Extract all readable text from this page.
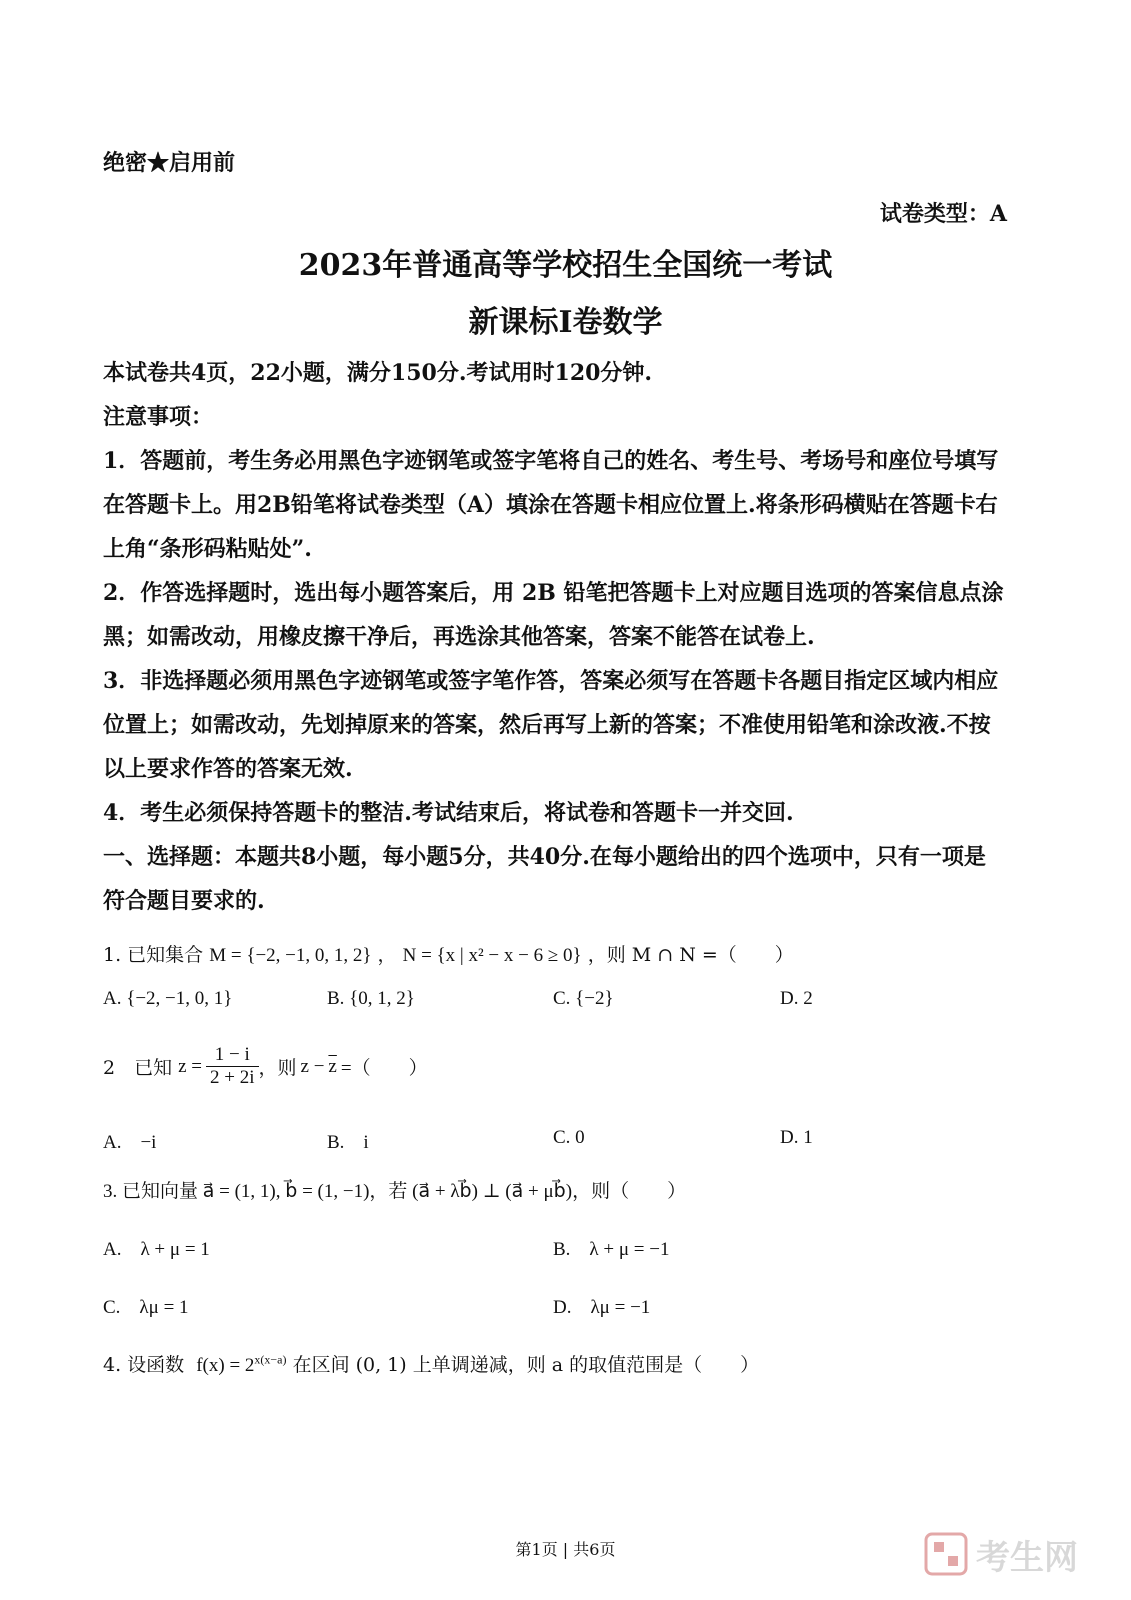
绝密★启用前

试卷类型：A

2023年普通高等学校招生全国统一考试
新课标Ⅰ卷数学

本试卷共4页，22小题，满分150分.考试用时120分钟.

注意事项：

1．答题前，考生务必用黑色字迹钢笔或签字笔将自己的姓名、考生号、考场号和座位号填写

在答题卡上。用2B铅笔将试卷类型（A）填涂在答题卡相应位置上.将条形码横贴在答题卡右

上角“条形码粘贴处”.

2．作答选择题时，选出每小题答案后，用 2B 铅笔把答题卡上对应题目选项的答案信息点涂

黑；如需改动，用橡皮擦干净后，再选涂其他答案，答案不能答在试卷上.

3．非选择题必须用黑色字迹钢笔或签字笔作答，答案必须写在答题卡各题目指定区域内相应

位置上；如需改动，先划掉原来的答案，然后再写上新的答案；不准使用铅笔和涂改液.不按

以上要求作答的答案无效.

4．考生必须保持答题卡的整洁.考试结束后，将试卷和答题卡一并交回.

一、选择题：本题共8小题，每小题5分，共40分.在每小题给出的四个选项中，只有一项是

符合题目要求的.

1. 已知集合 M = {−2, −1, 0, 1, 2} ， N = {x | x² − x − 6 ≥ 0} ，则 M ∩ N =（　　）
A. {−2, −1, 0, 1}	B. {0, 1, 2}	C. {−2}	D. 2
2　已知 $z = \frac{1 - i}{2 + 2i}$ ，则 $z - \overline{z}$ =（　　）
A.　−i	B.　i	C. 0	D. 1

3. 已知向量 a⃗ = (1, 1), b⃗ = (1, −1)，若 (a⃗ + λb⃗) ⊥ (a⃗ + μb⃗)，则（　　）

A.　λ + μ = 1	B.　λ + μ = −1
C.　λμ = 1	D.　λμ = −1
4. 设函数 $f(x) = 2^{x(x-a)}$ 在区间 (0, 1) 上单调递减，则 a 的取值范围是（　　）

第1页 | 共6页	考生网
